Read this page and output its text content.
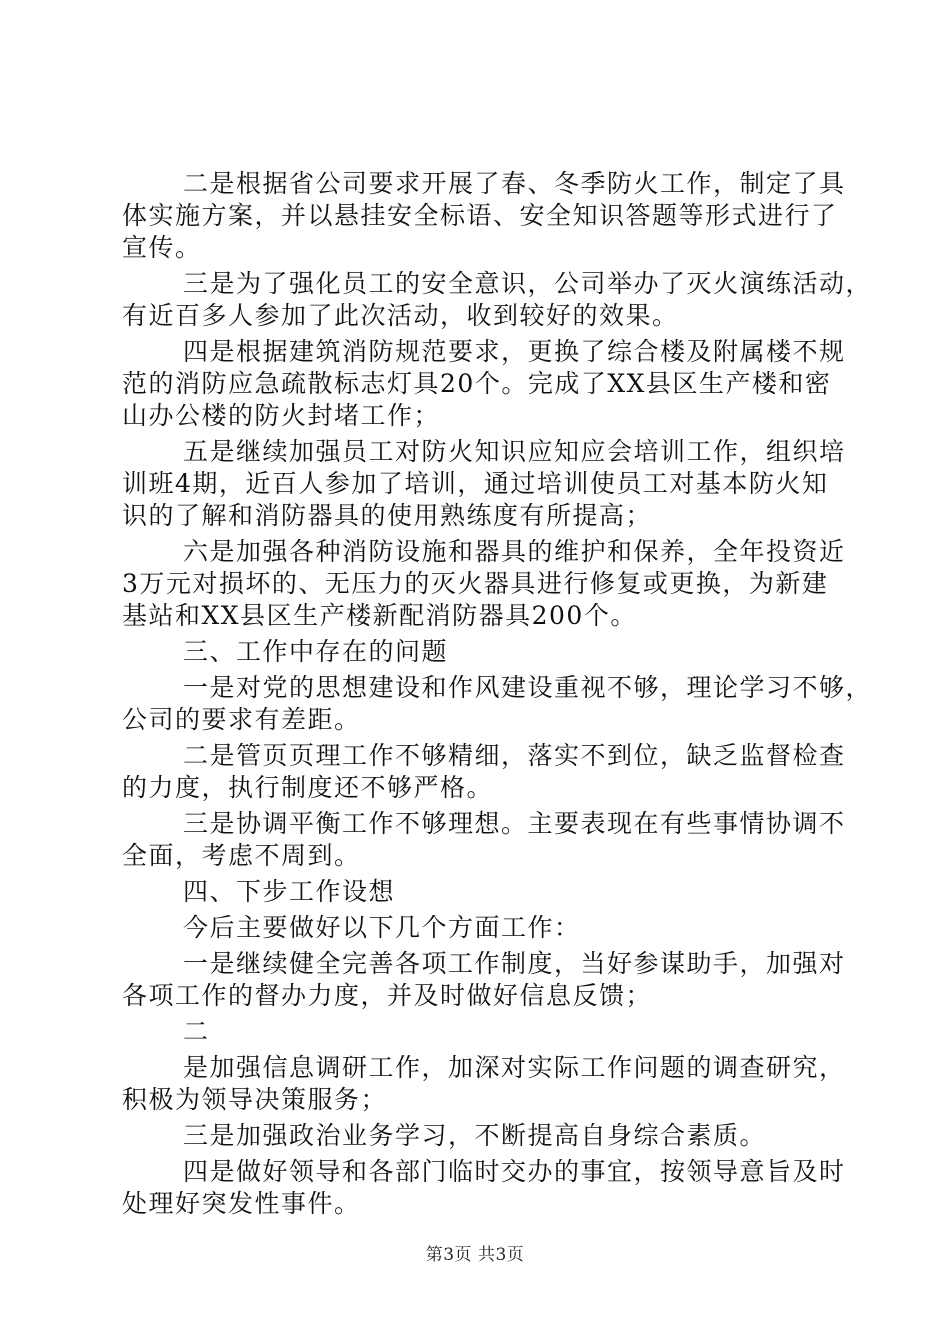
二是根据省公司要求开展了春、冬季防火工作，制定了具
体实施方案，并以悬挂安全标语、安全知识答题等形式进行了
宣传。
三是为了强化员工的安全意识，公司举办了灭火演练活动，
有近百多人参加了此次活动，收到较好的效果。
四是根据建筑消防规范要求，更换了综合楼及附属楼不规
范的消防应急疏散标志灯具20个。完成了XX县区生产楼和密
山办公楼的防火封堵工作；
五是继续加强员工对防火知识应知应会培训工作，组织培
训班4期，近百人参加了培训，通过培训使员工对基本防火知
识的了解和消防器具的使用熟练度有所提高；
六是加强各种消防设施和器具的维护和保养，全年投资近
3万元对损坏的、无压力的灭火器具进行修复或更换，为新建
基站和XX县区生产楼新配消防器具200个。
三、工作中存在的问题
一是对党的思想建设和作风建设重视不够，理论学习不够，
公司的要求有差距。
二是管页页理工作不够精细，落实不到位，缺乏监督检查
的力度，执行制度还不够严格。
三是协调平衡工作不够理想。主要表现在有些事情协调不
全面，考虑不周到。
四、下步工作设想
今后主要做好以下几个方面工作：
一是继续健全完善各项工作制度，当好参谋助手，加强对
各项工作的督办力度，并及时做好信息反馈；
二
是加强信息调研工作，加深对实际工作问题的调查研究，
积极为领导决策服务；
三是加强政治业务学习，不断提高自身综合素质。
四是做好领导和各部门临时交办的事宜，按领导意旨及时
处理好突发性事件。
第3页 共3页
